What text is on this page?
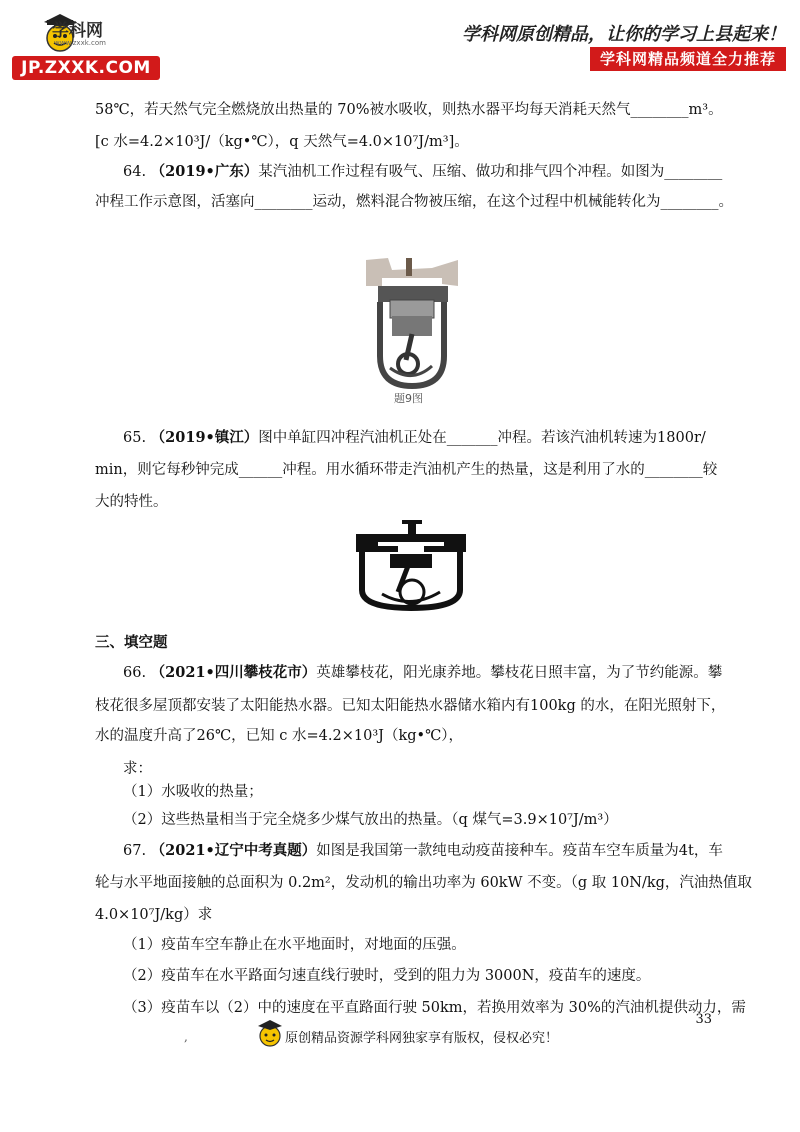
学科网
www.zxxk.com
JP.ZXXK.COM
学科网原创精品，让你的学习上县起来！
学科网精品频道全力推荐
58℃，若天然气完全燃烧放出热量的 70%被水吸收，则热水器平均每天消耗天然气________m³。
[c 水=4.2×10³J/（kg•℃），q 天然气=4.0×10⁷J/m³]。
64. （2019•广东）某汽油机工作过程有吸气、压缩、做功和排气四个冲程。如图为________
冲程工作示意图，活塞向________运动，燃料混合物被压缩，在这个过程中机械能转化为________。
题9图
65. （2019•镇江）图中单缸四冲程汽油机正处在_______冲程。若该汽油机转速为1800r/
min，则它每秒钟完成______冲程。用水循环带走汽油机产生的热量，这是利用了水的________较
大的特性。
三、填空题
66. （2021•四川攀枝花市）英雄攀枝花，阳光康养地。攀枝花日照丰富，为了节约能源。攀
枝花很多屋顶都安装了太阳能热水器。已知太阳能热水器储水箱内有100kg 的水，在阳光照射下，
水的温度升高了26℃，已知 c 水=4.2×10³J（kg•℃），
求：
（1）水吸收的热量；
（2）这些热量相当于完全烧多少煤气放出的热量。（q 煤气=3.9×10⁷J/m³）
67. （2021•辽宁中考真题）如图是我国第一款纯电动疫苗接种车。疫苗车空车质量为4t，车
轮与水平地面接触的总面积为 0.2m²，发动机的输出功率为 60kW 不变。（g 取 10N/kg，汽油热值取
4.0×10⁷J/kg）求
（1）疫苗车空车静止在水平地面时，对地面的压强。
（2）疫苗车在水平路面匀速直线行驶时，受到的阻力为 3000N，疫苗车的速度。
（3）疫苗车以（2）中的速度在平直路面行驶 50km，若换用效率为 30%的汽油机提供动力，需
33
,	原创精品资源学科网独家享有版权，侵权必究！
